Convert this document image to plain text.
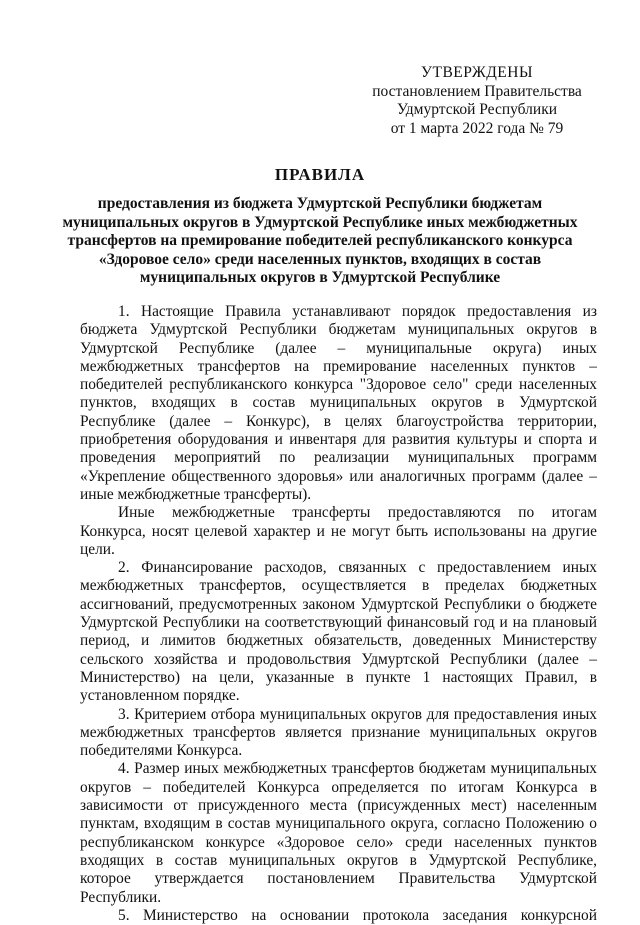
УТВЕРЖДЕНЫ
постановлением Правительства
Удмуртской Республики
от 1 марта 2022 года № 79
ПРАВИЛА
предоставления из бюджета Удмуртской Республики бюджетам муниципальных округов в Удмуртской Республике иных межбюджетных трансфертов на премирование победителей республиканского конкурса «Здоровое село» среди населенных пунктов, входящих в состав муниципальных округов в Удмуртской Республике

1. Настоящие Правила устанавливают порядок предоставления из бюджета Удмуртской Республики бюджетам муниципальных округов в Удмуртской Республике (далее – муниципальные округа) иных межбюджетных трансфертов на премирование населенных пунктов – победителей республиканского конкурса "Здоровое село" среди населенных пунктов, входящих в состав муниципальных округов в Удмуртской Республике (далее – Конкурс), в целях благоустройства территории, приобретения оборудования и инвентаря для развития культуры и спорта и проведения мероприятий по реализации муниципальных программ «Укрепление общественного здоровья» или аналогичных программ (далее – иные межбюджетные трансферты).

Иные межбюджетные трансферты предоставляются по итогам Конкурса, носят целевой характер и не могут быть использованы на другие цели.

2. Финансирование расходов, связанных с предоставлением иных межбюджетных трансфертов, осуществляется в пределах бюджетных ассигнований, предусмотренных законом Удмуртской Республики о бюджете Удмуртской Республики на соответствующий финансовый год и на плановый период, и лимитов бюджетных обязательств, доведенных Министерству сельского хозяйства и продовольствия Удмуртской Республики (далее – Министерство) на цели, указанные в пункте 1 настоящих Правил, в установленном порядке.

3. Критерием отбора муниципальных округов для предоставления иных межбюджетных трансфертов является признание муниципальных округов победителями Конкурса.

4. Размер иных межбюджетных трансфертов бюджетам муниципальных округов – победителей Конкурса определяется по итогам Конкурса в зависимости от присужденного места (присужденных мест) населенным пунктам, входящим в состав муниципального округа, согласно Положению о республиканском конкурсе «Здоровое село» среди населенных пунктов входящих в состав муниципальных округов в Удмуртской Республике, которое утверждается постановлением Правительства Удмуртской Республики.

5. Министерство на основании протокола заседания конкурсной
